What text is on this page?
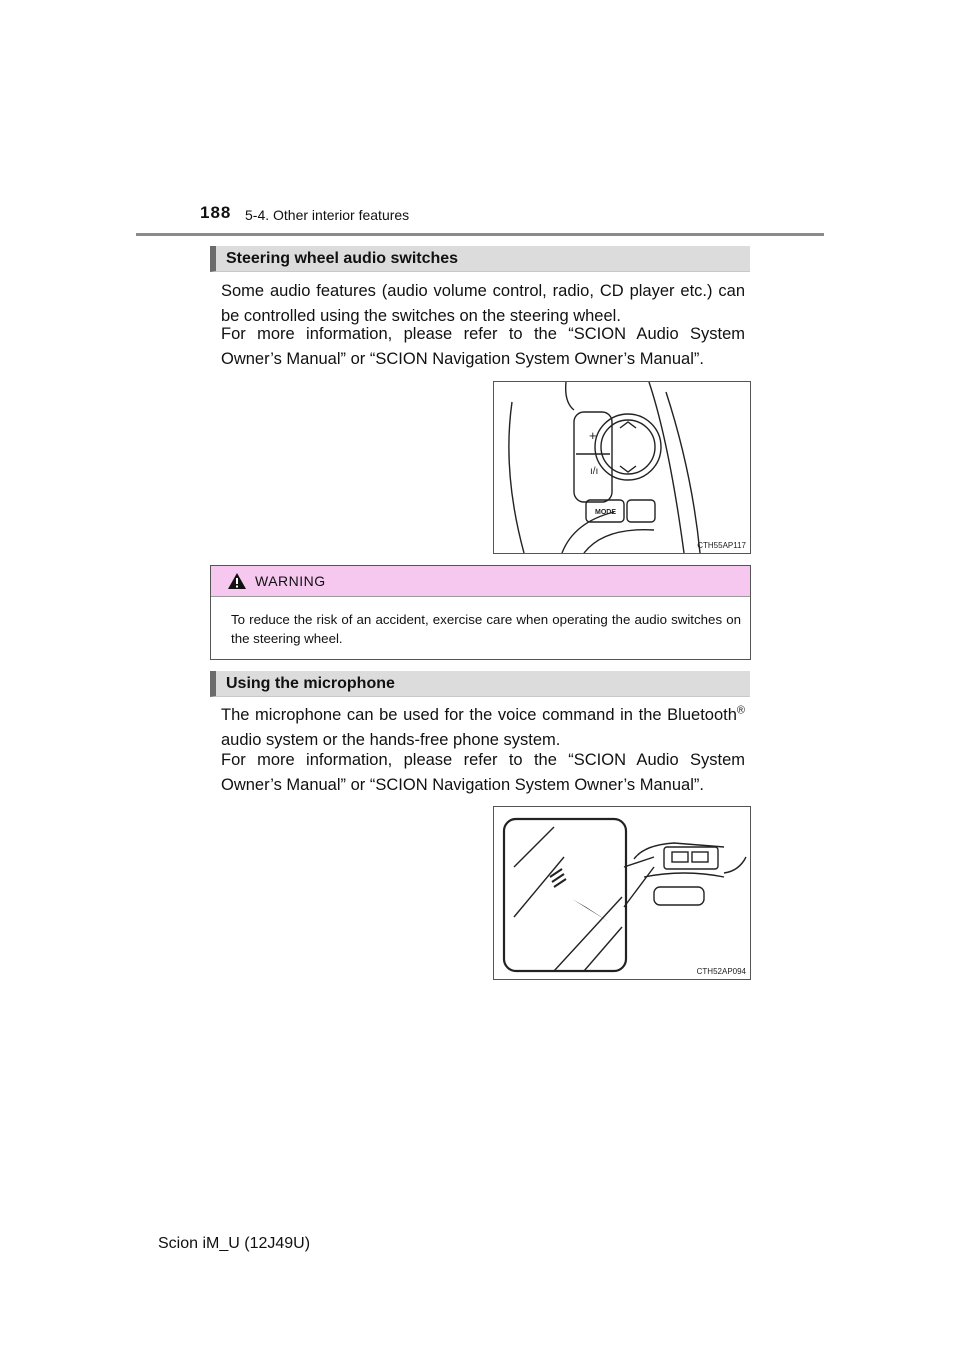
188 5-4. Other interior features
Steering wheel audio switches

Some audio features (audio volume control, radio, CD player etc.) can be controlled using the switches on the steering wheel.

For more information, please refer to the “SCION Audio System Owner’s Manual” or “SCION Navigation System Owner’s Manual”.

+
ı/ı
MODE
CTH55AP117
WARNING

To reduce the risk of an accident, exercise care when operating the audio switches on the steering wheel.

Using the microphone

The microphone can be used for the voice command in the Bluetooth® audio system or the hands-free phone system.

For more information, please refer to the “SCION Audio System Owner’s Manual” or “SCION Navigation System Owner’s Manual”.

CTH52AP094
Scion iM_U (12J49U)
